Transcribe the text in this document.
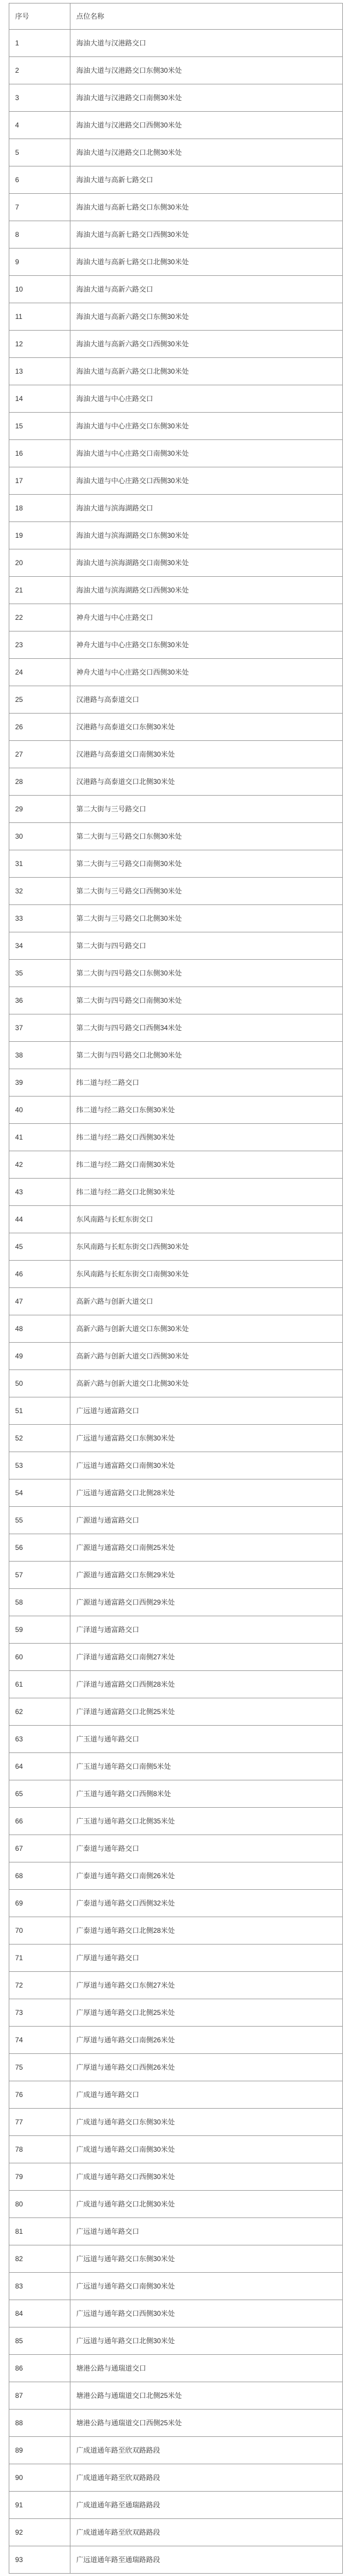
序号	点位名称
1	海油大道与汉港路交口
2	海油大道与汉港路交口东侧30米处
3	海油大道与汉港路交口南侧30米处
4	海油大道与汉港路交口西侧30米处
5	海油大道与汉港路交口北侧30米处
6	海油大道与高新七路交口
7	海油大道与高新七路交口东侧30米处
8	海油大道与高新七路交口西侧30米处
9	海油大道与高新七路交口北侧30米处
10	海油大道与高新六路交口
11	海油大道与高新六路交口东侧30米处
12	海油大道与高新六路交口西侧30米处
13	海油大道与高新六路交口北侧30米处
14	海油大道与中心庄路交口
15	海油大道与中心庄路交口东侧30米处
16	海油大道与中心庄路交口南侧30米处
17	海油大道与中心庄路交口西侧30米处
18	海油大道与滨海湖路交口
19	海油大道与滨海湖路交口东侧30米处
20	海油大道与滨海湖路交口南侧30米处
21	海油大道与滨海湖路交口西侧30米处
22	神舟大道与中心庄路交口
23	神舟大道与中心庄路交口东侧30米处
24	神舟大道与中心庄路交口西侧30米处
25	汉港路与高泰道交口
26	汉港路与高泰道交口东侧30米处
27	汉港路与高泰道交口南侧30米处
28	汉港路与高泰道交口北侧30米处
29	第二大街与三号路交口
30	第二大街与三号路交口东侧30米处
31	第二大街与三号路交口南侧30米处
32	第二大街与三号路交口西侧30米处
33	第二大街与三号路交口北侧30米处
34	第二大街与四号路交口
35	第二大街与四号路交口东侧30米处
36	第二大街与四号路交口南侧30米处
37	第二大街与四号路交口西侧34米处
38	第二大街与四号路交口北侧30米处
39	纬二道与经二路交口
40	纬二道与经二路交口东侧30米处
41	纬二道与经二路交口西侧30米处
42	纬二道与经二路交口南侧30米处
43	纬二道与经二路交口北侧30米处
44	东风南路与长虹东街交口
45	东风南路与长虹东街交口西侧30米处
46	东风南路与长虹东街交口南侧30米处
47	高新六路与创新大道交口
48	高新六路与创新大道交口东侧30米处
49	高新六路与创新大道交口西侧30米处
50	高新六路与创新大道交口北侧30米处
51	广远道与通富路交口
52	广远道与通富路交口东侧30米处
53	广远道与通富路交口南侧30米处
54	广远道与通富路交口北侧28米处
55	广源道与通富路交口
56	广源道与通富路交口南侧25米处
57	广源道与通富路交口东侧29米处
58	广源道与通富路交口西侧29米处
59	广泽道与通富路交口
60	广泽道与通富路交口南侧27米处
61	广泽道与通富路交口西侧28米处
62	广泽道与通富路交口北侧25米处
63	广玉道与通年路交口
64	广玉道与通年路交口南侧5米处
65	广玉道与通年路交口西侧8米处
66	广玉道与通年路交口北侧35米处
67	广泰道与通年路交口
68	广泰道与通年路交口南侧26米处
69	广泰道与通年路交口西侧32米处
70	广泰道与通年路交口北侧28米处
71	广厚道与通年路交口
72	广厚道与通年路交口东侧27米处
73	广厚道与通年路交口北侧25米处
74	广厚道与通年路交口南侧26米处
75	广厚道与通年路交口西侧26米处
76	广成道与通年路交口
77	广成道与通年路交口东侧30米处
78	广成道与通年路交口南侧30米处
79	广成道与通年路交口西侧30米处
80	广成道与通年路交口北侧30米处
81	广远道与通年路交口
82	广远道与通年路交口东侧30米处
83	广远道与通年路交口南侧30米处
84	广远道与通年路交口西侧30米处
85	广远道与通年路交口北侧30米处
86	塘港公路与通瑞道交口
87	塘港公路与通瑞道交口北侧25米处
88	塘港公路与通瑞道交口西侧25米处
89	广成道通年路至欣双路路段
90	广成道通年路至欣双路路段
91	广成道通年路至通瑞路路段
92	广成道通年路至欣双路路段
93	广远道通年路至通瑞路路段
